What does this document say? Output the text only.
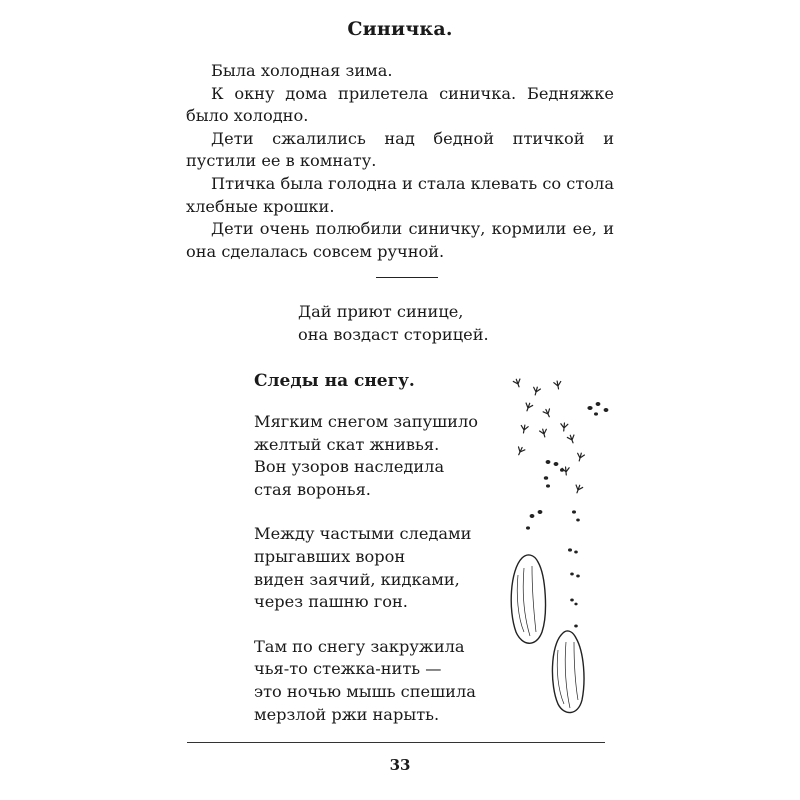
Синичка.

Была холодная зима.

К окну дома прилетела синичка. Бедняжке было холодно.

Дети сжалились над бедной птичкой и пустили ее в комнату.

Птичка была голодна и стала клевать со стола хлебные крошки.

Дети очень полюбили синичку, кормили ее, и она сделалась совсем ручной.

Дай приют синице,
она воздаст сторицей.
Следы на снегу.
Мягким снегом запушило
желтый скат жнивья.
Вон узоров наследила
стая воронья.
Между частыми следами
прыгавших ворон
виден заячий, кидками,
через пашню гон.
Там по снегу закружила
чья-то стежка-нить —
это ночью мышь спешила
мерзлой ржи нарыть.
33
